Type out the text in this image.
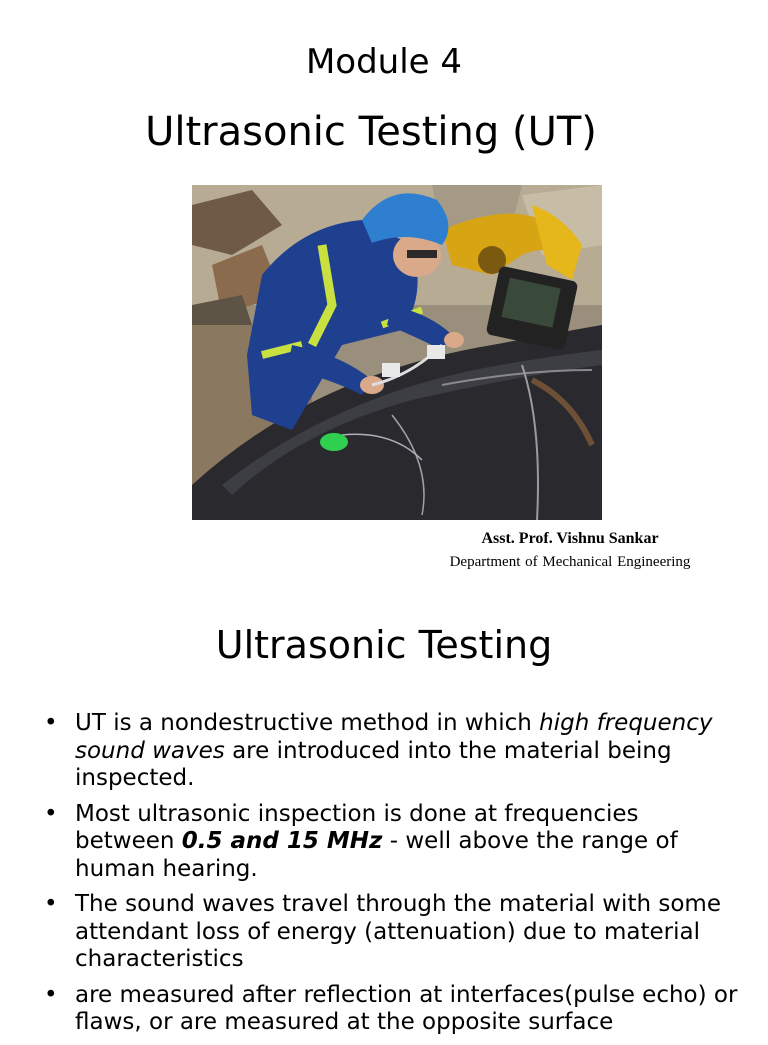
Module 4
Ultrasonic Testing (UT)
Asst. Prof. Vishnu Sankar
Department of Mechanical Engineering
Ultrasonic Testing
• UT is a nondestructive method in which high frequency sound waves are introduced into the material being inspected.
• Most ultrasonic inspection is done at frequencies between 0.5 and 15 MHz - well above the range of human hearing.
• The sound waves travel through the material with some attendant loss of energy (attenuation) due to material characteristics
• are measured after reflection at interfaces(pulse echo) or flaws, or are measured at the opposite surface
